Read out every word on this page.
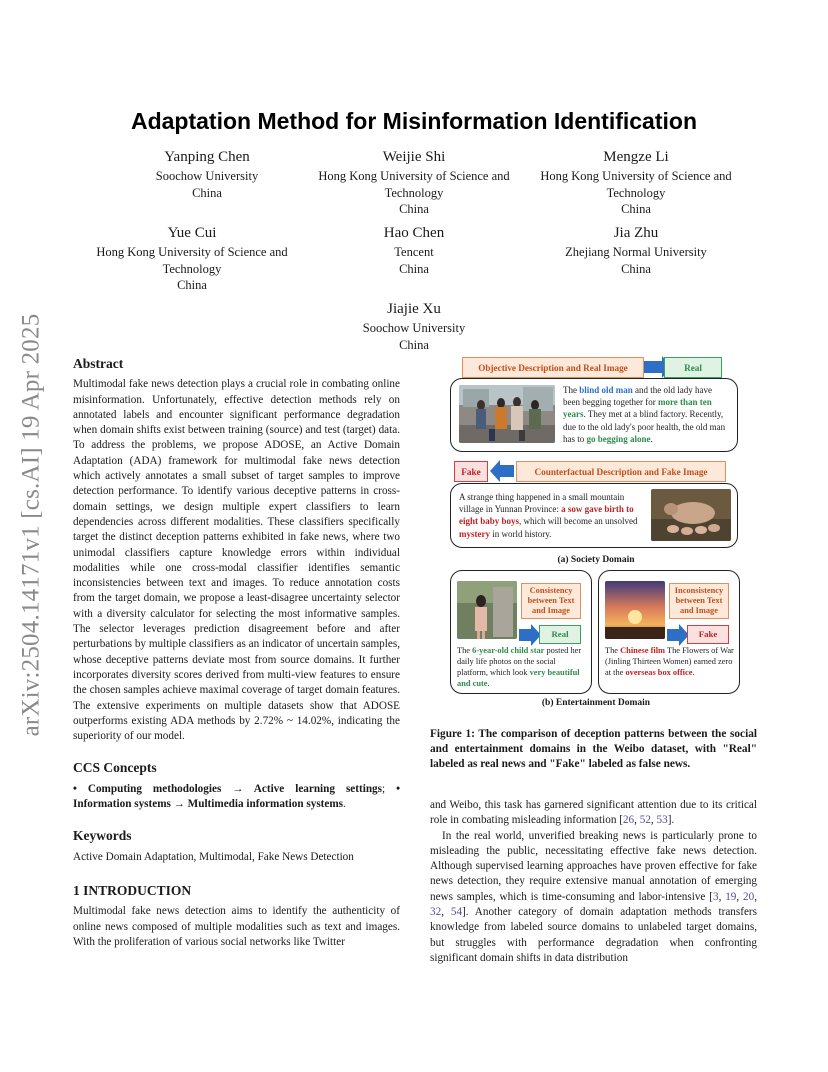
arXiv:2504.14171v1 [cs.AI] 19 Apr 2025
Adaptation Method for Misinformation Identification
Yanping Chen
Soochow University
China
Weijie Shi
Hong Kong University of Science and
Technology
China
Mengze Li
Hong Kong University of Science and
Technology
China
Yue Cui
Hong Kong University of Science and
Technology
China
Hao Chen
Tencent
China
Jia Zhu
Zhejiang Normal University
China
Jiajie Xu
Soochow University
China
Abstract

Multimodal fake news detection plays a crucial role in combating online misinformation. Unfortunately, effective detection methods rely on annotated labels and encounter significant performance degradation when domain shifts exist between training (source) and test (target) data. To address the problems, we propose ADOSE, an Active Domain Adaptation (ADA) framework for multimodal fake news detection which actively annotates a small subset of target samples to improve detection performance. To identify various deceptive patterns in cross-domain settings, we design multiple expert classifiers to learn dependencies across different modalities. These classifiers specifically target the distinct deception patterns exhibited in fake news, where two unimodal classifiers capture knowledge errors within individual modalities while one cross-modal classifier identifies semantic inconsistencies between text and images. To reduce annotation costs from the target domain, we propose a least-disagree uncertainty selector with a diversity calculator for selecting the most informative samples. The selector leverages prediction disagreement before and after perturbations by multiple classifiers as an indicator of uncertain samples, whose deceptive patterns deviate most from source domains. It further incorporates diversity scores derived from multi-view features to ensure the chosen samples achieve maximal coverage of target domain features. The extensive experiments on multiple datasets show that ADOSE outperforms existing ADA methods by 2.72% ~ 14.02%, indicating the superiority of our model.

CCS Concepts

• Computing methodologies → Active learning settings; • Information systems → Multimedia information systems.

Keywords

Active Domain Adaptation, Multimodal, Fake News Detection

1 INTRODUCTION

Multimodal fake news detection aims to identify the authenticity of online news composed of multiple modalities such as text and images. With the proliferation of various social networks like Twitter

Objective Description and Real Image	Real
The blind old man and the old lady have been begging together for more than ten years. They met at a blind factory. Recently, due to the old lady's poor health, the old man has to go begging alone.
Fake	Counterfactual Description and Fake Image
A strange thing happened in a small mountain village in Yunnan Province: a sow gave birth to eight baby boys, which will become an unsolved mystery in world history.
(a) Society Domain
Consistency between Text and Image
Real
The 6-year-old child star posted her daily life photos on the social platform, which look very beautiful and cute.
Inconsistency between Text and Image
Fake
The Chinese film The Flowers of War (Jinling Thirteen Women) earned zero at the overseas box office.
(b) Entertainment Domain
Figure 1: The comparison of deception patterns between the social and entertainment domains in the Weibo dataset, with "Real" labeled as real news and "Fake" labeled as false news.

and Weibo, this task has garnered significant attention due to its critical role in combating misleading information [26, 52, 53].

In the real world, unverified breaking news is particularly prone to misleading the public, necessitating effective fake news detection. Although supervised learning approaches have proven effective for fake news detection, they require extensive manual annotation of emerging news samples, which is time-consuming and labor-intensive [3, 19, 20, 32, 54]. Another category of domain adaptation methods transfers knowledge from labeled source domains to unlabeled target domains, but struggles with performance degradation when confronting significant domain shifts in data distribution
